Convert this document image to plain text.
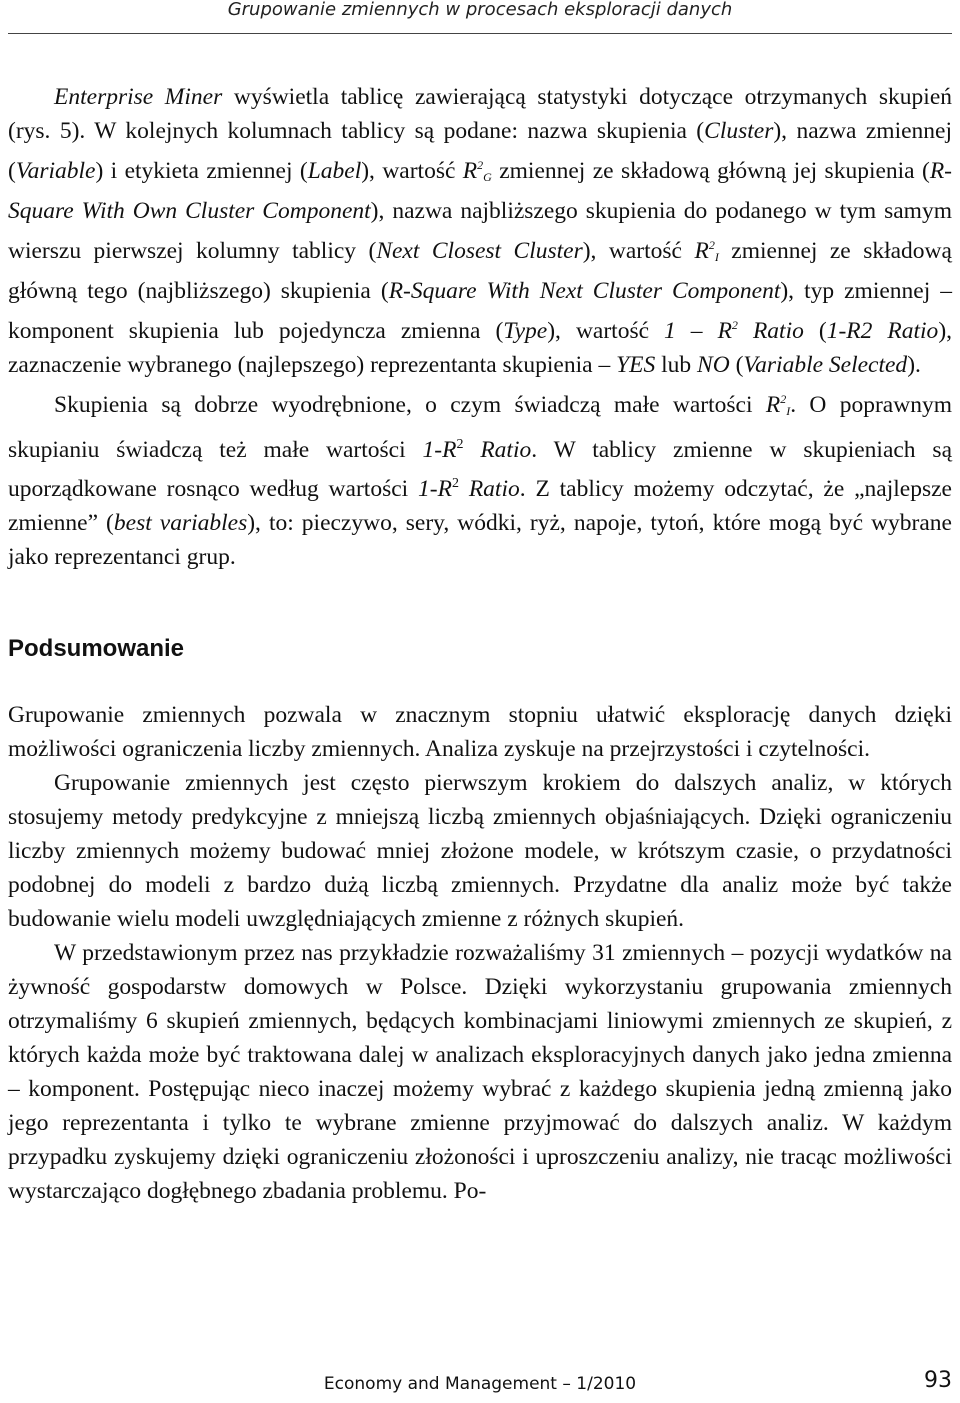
Grupowanie zmiennych w procesach eksploracji danych

Enterprise Miner wyświetla tablicę zawierającą statystyki dotyczące otrzymanych skupień (rys. 5). W kolejnych kolumnach tablicy są podane: nazwa skupienia (Cluster), nazwa zmiennej (Variable) i etykieta zmiennej (Label), wartość $R^2_G$ zmiennej ze składową główną jej skupienia (R-Square With Own Cluster Component), nazwa najbliższego skupienia do podanego w tym samym wierszu pierwszej kolumny tablicy (Next Closest Cluster), wartość $R^2_I$ zmiennej ze składową główną tego (najbliższego) skupienia (R-Square With Next Cluster Component), typ zmiennej – komponent skupienia lub pojedyncza zmienna (Type), wartość $1 - R^2$ Ratio (1-R2 Ratio), zaznaczenie wybranego (najlepszego) reprezentanta skupienia – YES lub NO (Variable Selected).

Skupienia są dobrze wyodrębnione, o czym świadczą małe wartości $R^2_I$. O poprawnym skupianiu świadczą też małe wartości $1-R^2$ Ratio. W tablicy zmienne w skupieniach są uporządkowane rosnąco według wartości $1-R^2$ Ratio. Z tablicy możemy odczytać, że „najlepsze zmienne” (best variables), to: pieczywo, sery, wódki, ryż, napoje, tytoń, które mogą być wybrane jako reprezentanci grup.

Podsumowanie

Grupowanie zmiennych pozwala w znacznym stopniu ułatwić eksplorację danych dzięki możliwości ograniczenia liczby zmiennych. Analiza zyskuje na przejrzystości i czytelności.

Grupowanie zmiennych jest często pierwszym krokiem do dalszych analiz, w których stosujemy metody predykcyjne z mniejszą liczbą zmiennych objaśniających. Dzięki ograniczeniu liczby zmiennych możemy budować mniej złożone modele, w krótszym czasie, o przydatności podobnej do modeli z bardzo dużą liczbą zmiennych. Przydatne dla analiz może być także budowanie wielu modeli uwzględniających zmienne z różnych skupień.

W przedstawionym przez nas przykładzie rozważaliśmy 31 zmiennych – pozycji wydatków na żywność gospodarstw domowych w Polsce. Dzięki wykorzystaniu grupowania zmiennych otrzymaliśmy 6 skupień zmiennych, będących kombinacjami liniowymi zmiennych ze skupień, z których każda może być traktowana dalej w analizach eksploracyjnych danych jako jedna zmienna – komponent. Postępując nieco inaczej możemy wybrać z każdego skupienia jedną zmienną jako jego reprezentanta i tylko te wybrane zmienne przyjmować do dalszych analiz. W każdym przypadku zyskujemy dzięki ograniczeniu złożoności i uproszczeniu analizy, nie tracąc możliwości wystarczająco dogłębnego zbadania problemu. Po-

Economy and Management – 1/2010	93
